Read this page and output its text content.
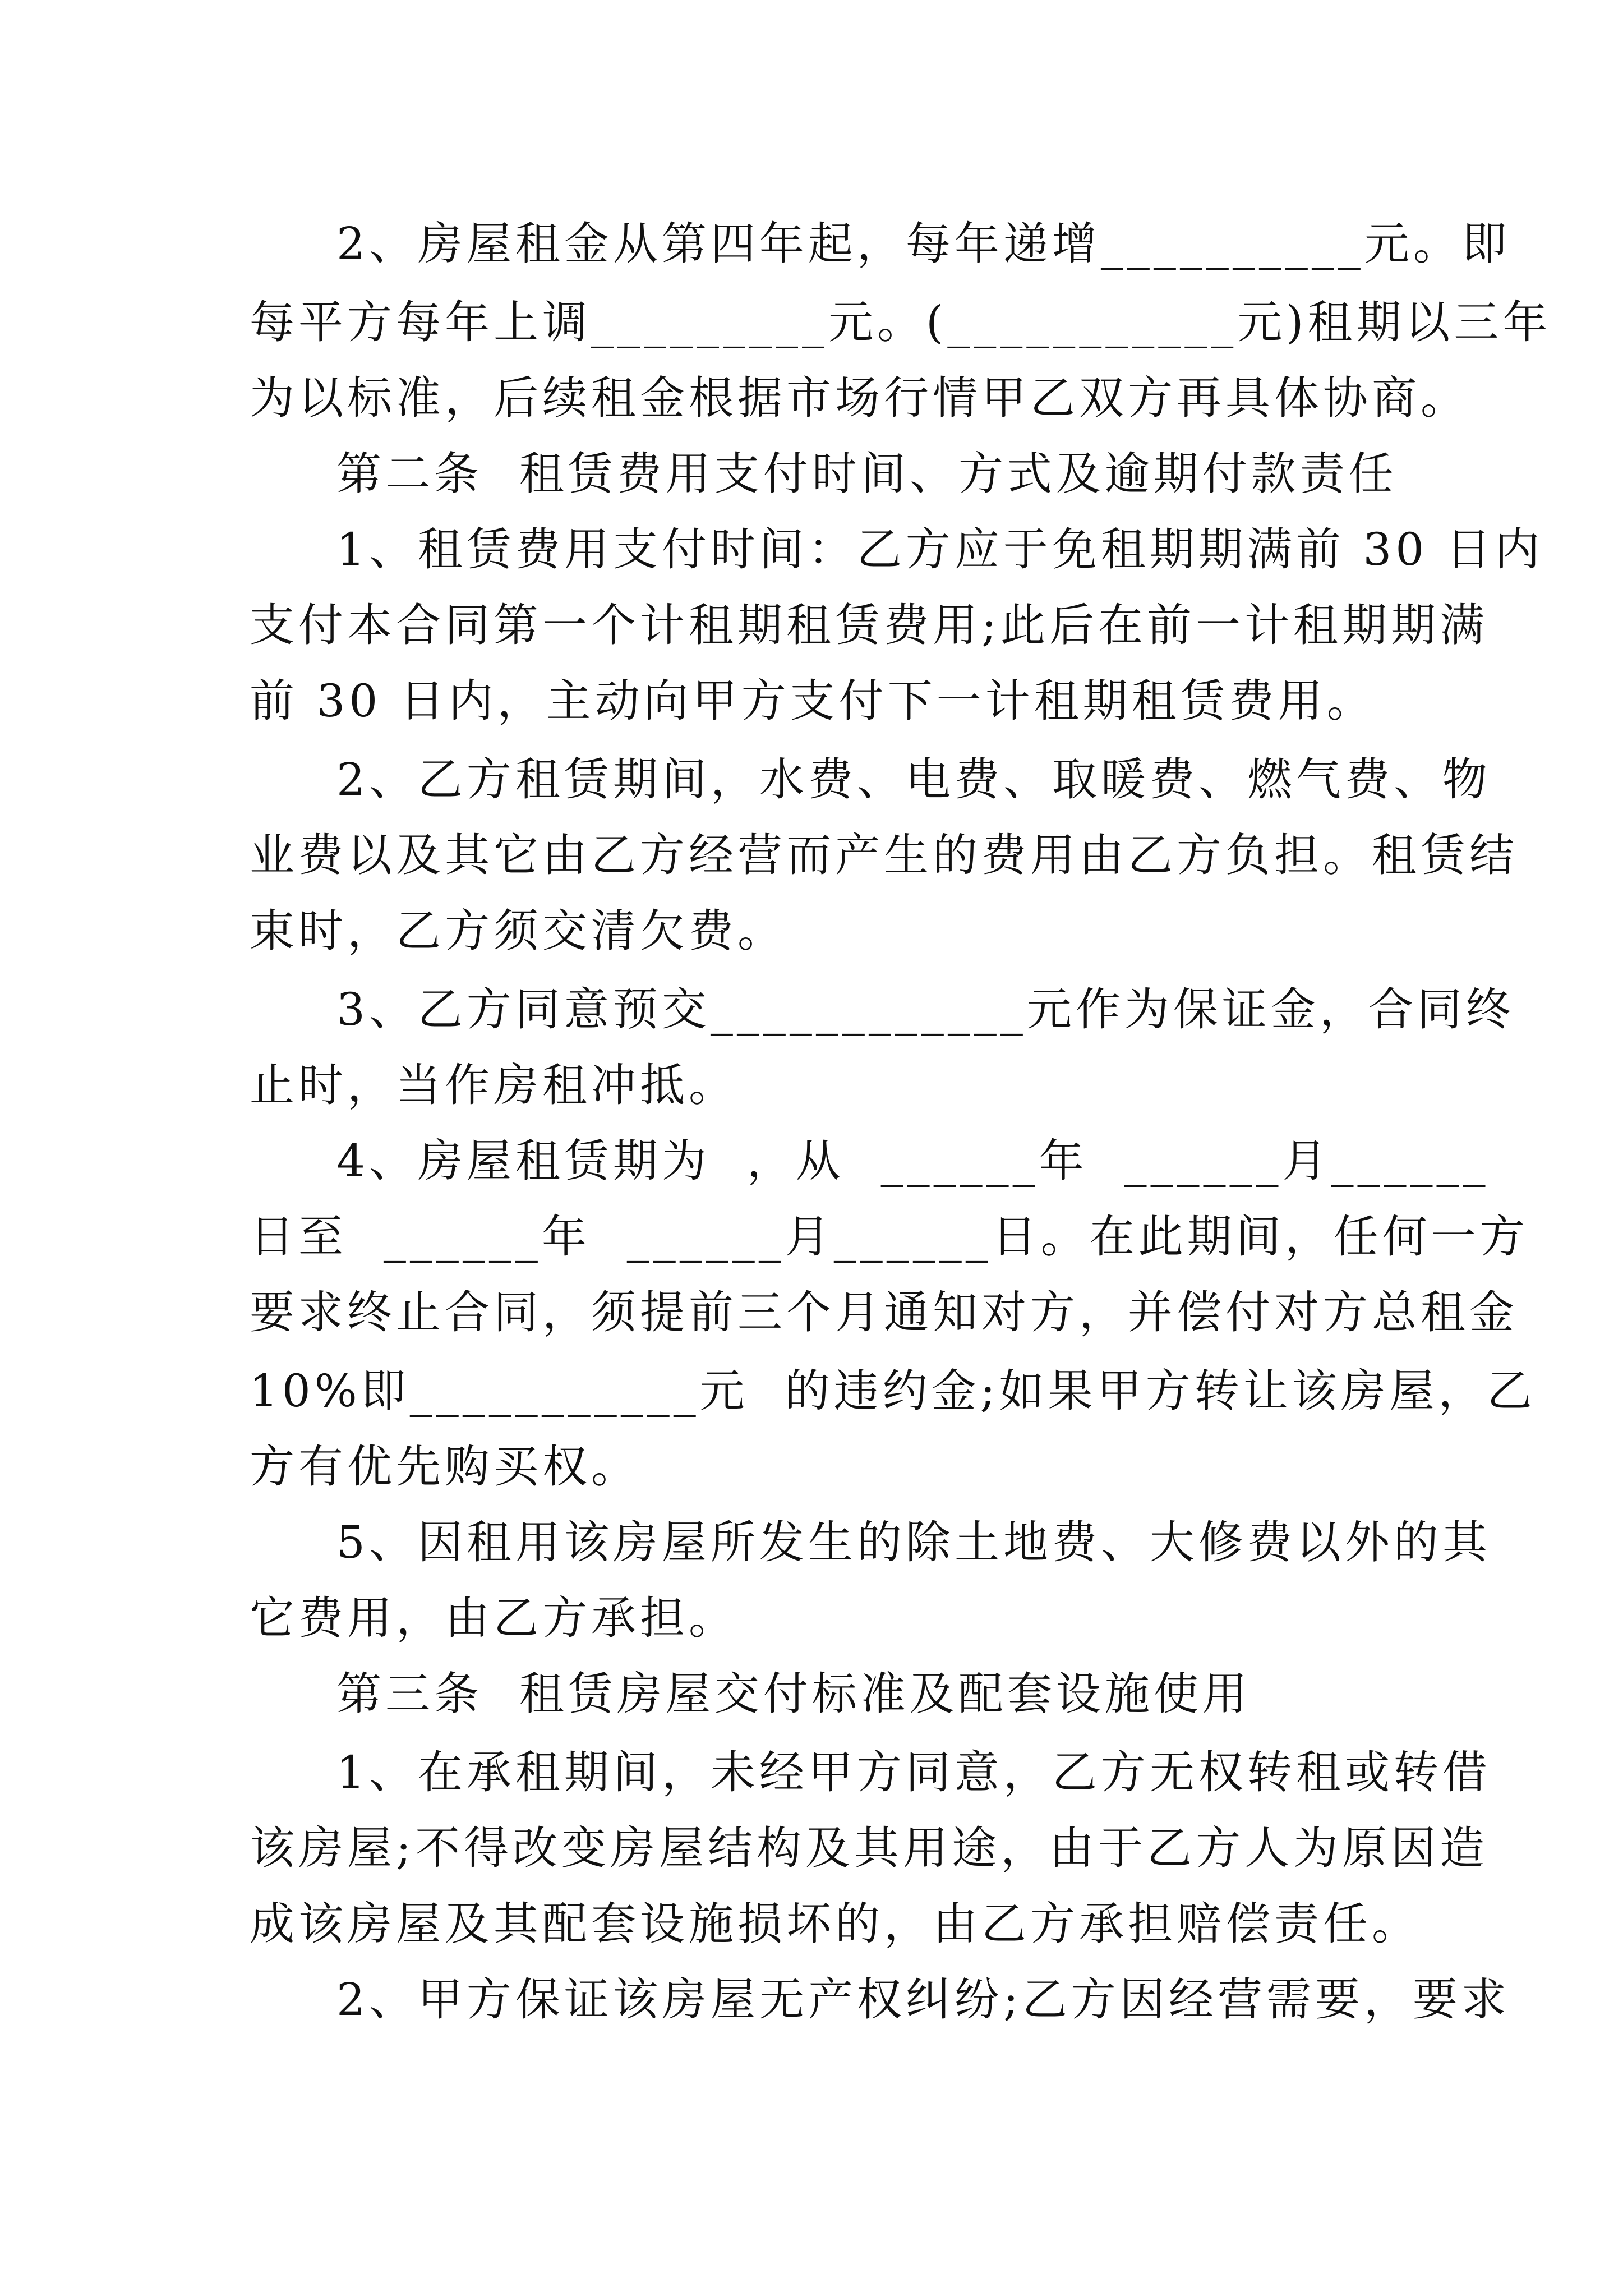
2、房屋租金从第四年起，每年递增__________元。即

每平方每年上调_________元。(___________元)租期以三年

为以标准，后续租金根据市场行情甲乙双方再具体协商。

第二条  租赁费用支付时间、方式及逾期付款责任

1、租赁费用支付时间：乙方应于免租期期满前 30 日内

支付本合同第一个计租期租赁费用;此后在前一计租期期满

前 30 日内，主动向甲方支付下一计租期租赁费用。

2、乙方租赁期间，水费、电费、取暖费、燃气费、物

业费以及其它由乙方经营而产生的费用由乙方负担。租赁结

束时，乙方须交清欠费。

3、乙方同意预交____________元作为保证金，合同终

止时，当作房租冲抵。

4、房屋租赁期为  ，从  ______年  ______月______

日至  ______年  ______月______日。在此期间，任何一方

要求终止合同，须提前三个月通知对方，并偿付对方总租金

10%即___________元  的违约金;如果甲方转让该房屋，乙

方有优先购买权。

5、因租用该房屋所发生的除土地费、大修费以外的其

它费用，由乙方承担。

第三条  租赁房屋交付标准及配套设施使用

1、在承租期间，未经甲方同意，乙方无权转租或转借

该房屋;不得改变房屋结构及其用途，由于乙方人为原因造

成该房屋及其配套设施损坏的，由乙方承担赔偿责任。

2、甲方保证该房屋无产权纠纷;乙方因经营需要，要求
